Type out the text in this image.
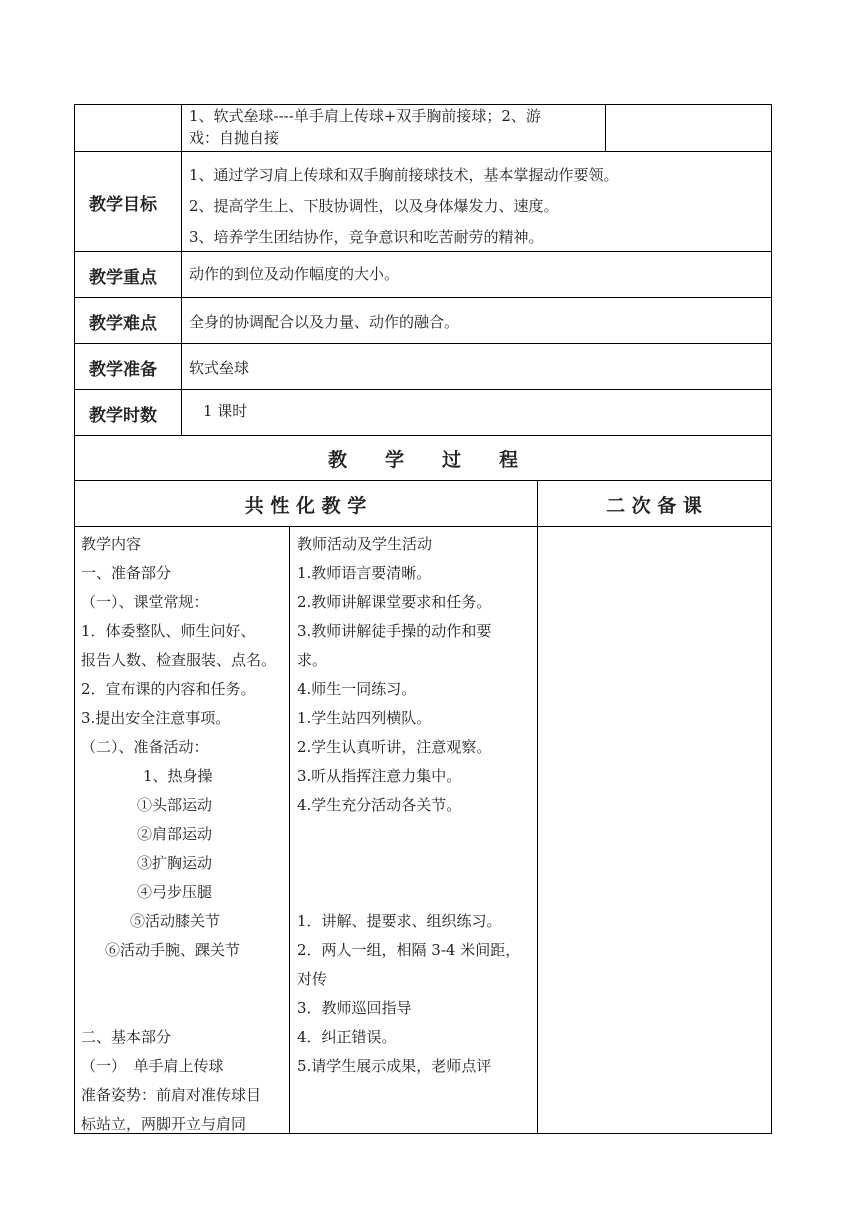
1、软式垒球----单手肩上传球+双手胸前接球；2、游
戏：自抛自接
教学目标
1、通过学习肩上传球和双手胸前接球技术，基本掌握动作要领。
2、提高学生上、下肢协调性，以及身体爆发力、速度。
3、培养学生团结协作，竞争意识和吃苦耐劳的精神。
教学重点 动作的到位及动作幅度的大小。
教学难点 全身的协调配合以及力量、动作的融合。
教学准备 软式垒球
教学时数	1 课时
教　　学　　过　　程
共 性 化 教 学	二 次 备 课
教学内容
一、准备部分
（一）、课堂常规：
1．体委整队、师生问好、
报告人数、检查服装、点名。
2．宣布课的内容和任务。
3.提出安全注意事项。
（二）、准备活动：
1、热身操
①头部运动
②肩部运动
③扩胸运动
④弓步压腿
⑤活动膝关节
⑥活动手腕、踝关节
二、基本部分
（一）　单手肩上传球
准备姿势：前肩对准传球目
标站立，两脚开立与肩同
教师活动及学生活动
1.教师语言要清晰。
2.教师讲解课堂要求和任务。
3.教师讲解徒手操的动作和要
求。
4.师生一同练习。
1.学生站四列横队。
2.学生认真听讲，注意观察。
3.听从指挥注意力集中。
4.学生充分活动各关节。
1．讲解、提要求、组织练习。
2．两人一组，相隔 3-4 米间距，
对传
3．教师巡回指导
4．纠正错误。
5.请学生展示成果，老师点评
